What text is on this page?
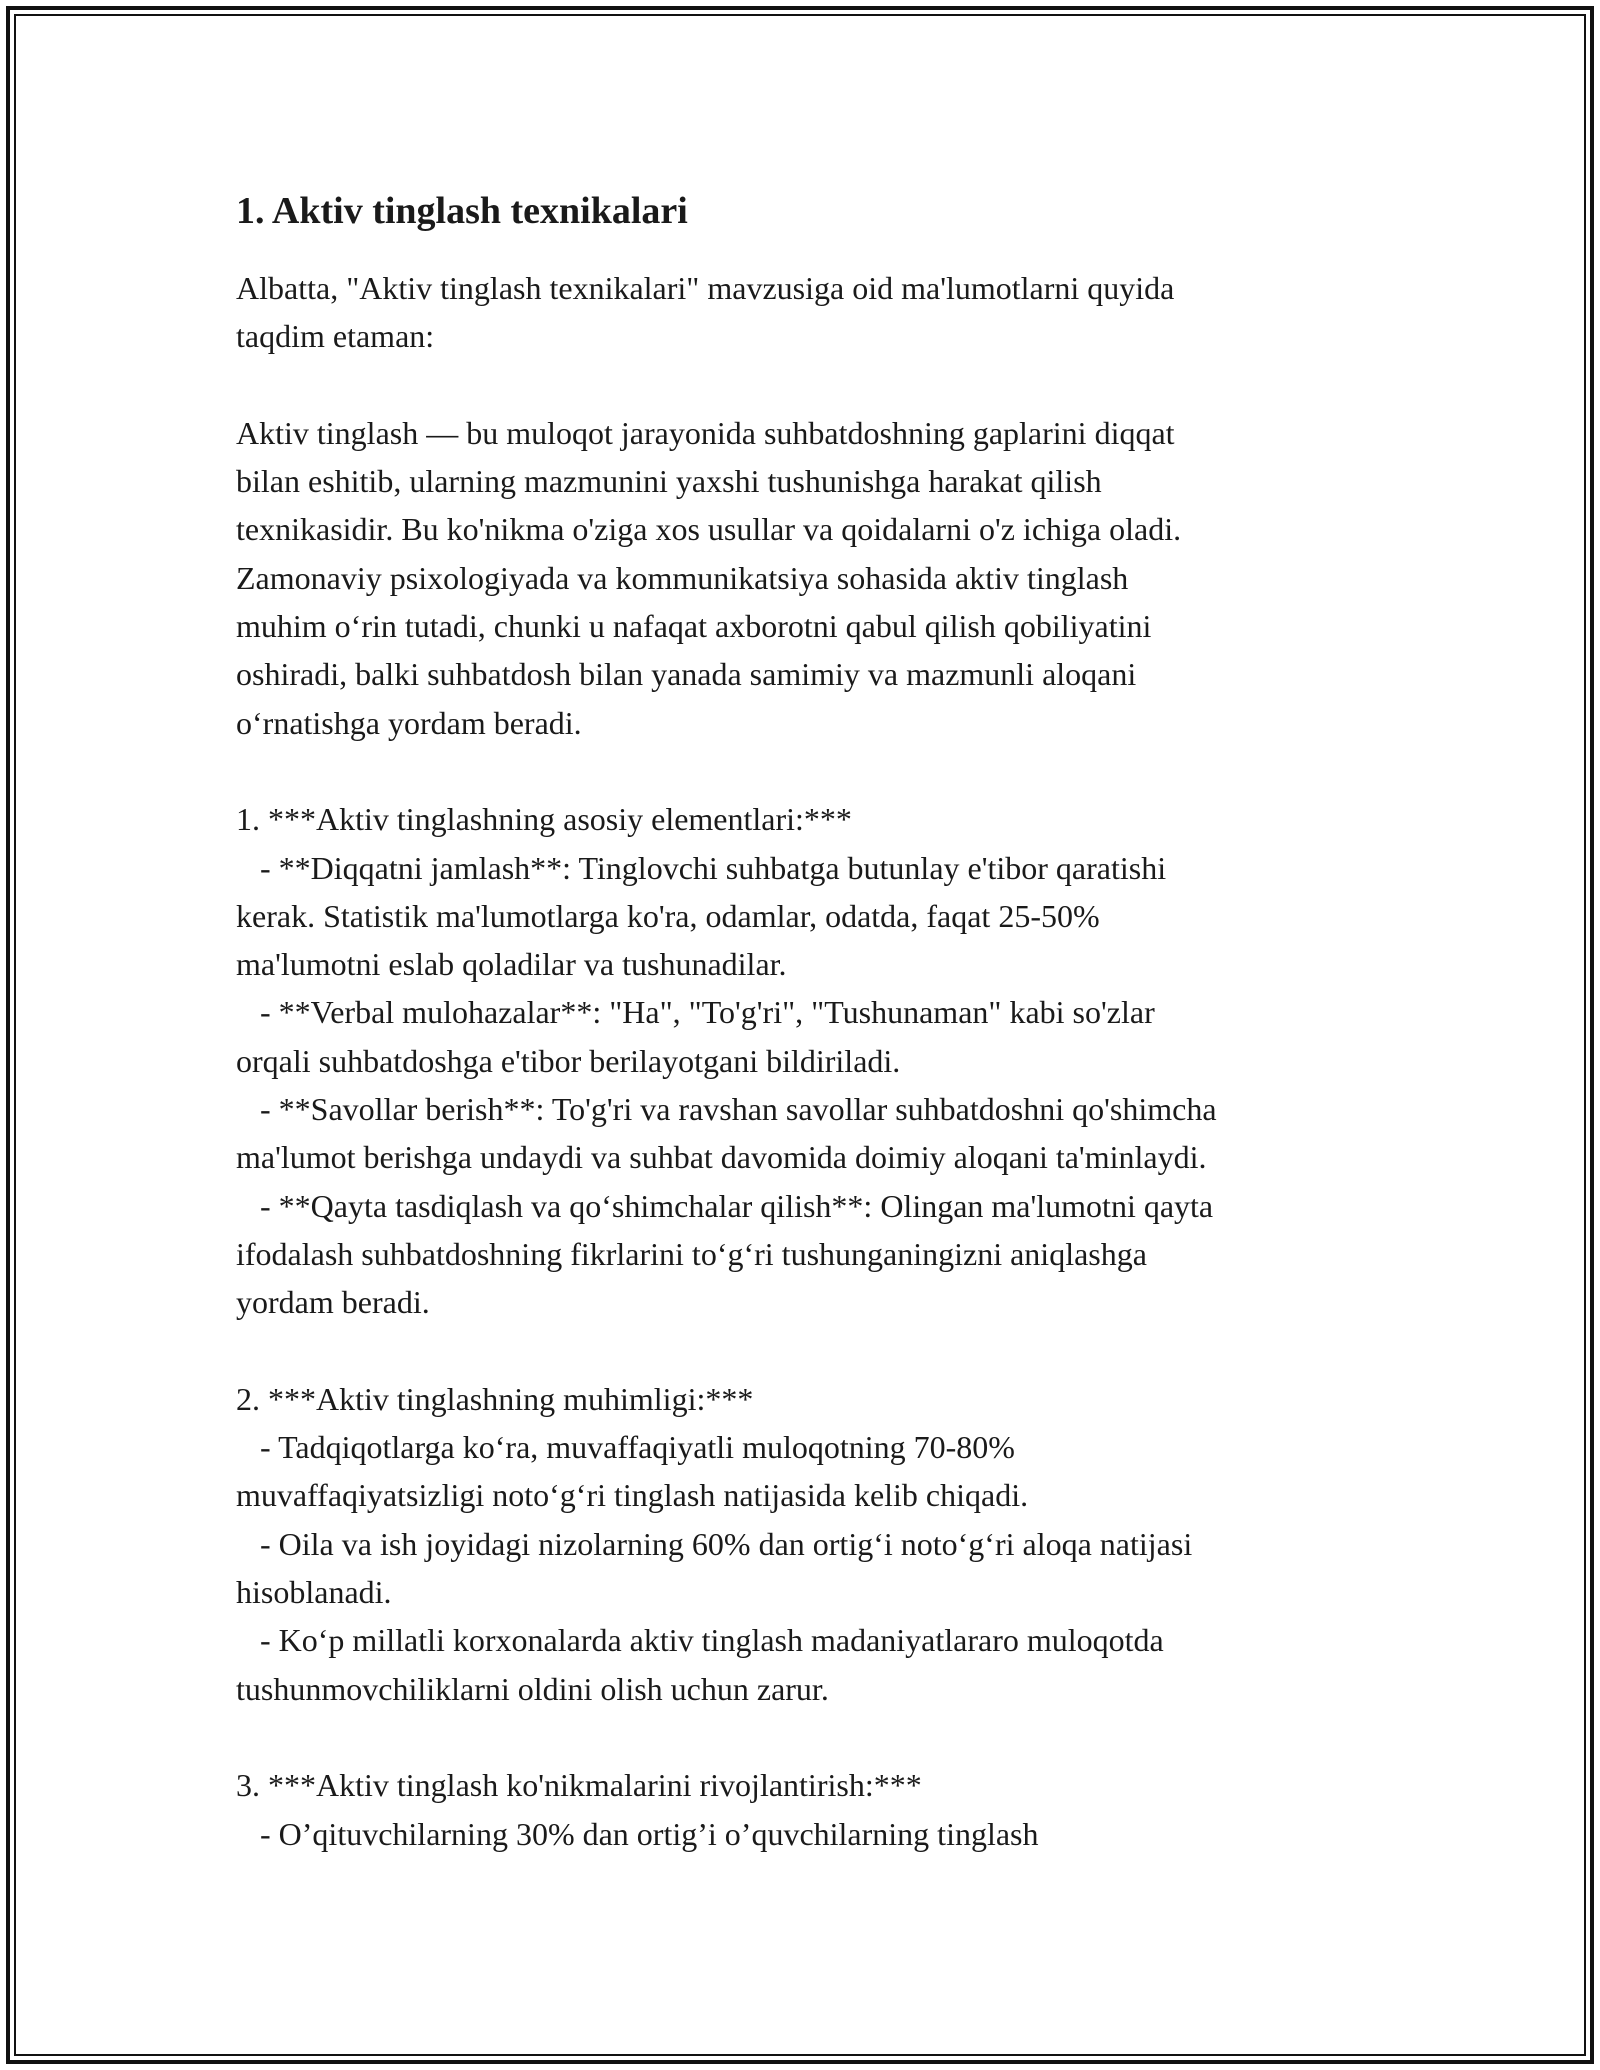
1. Aktiv tinglash texnikalari

Albatta, "Aktiv tinglash texnikalari" mavzusiga oid ma'lumotlarni quyida
taqdim etaman:

Aktiv tinglash — bu muloqot jarayonida suhbatdoshning gaplarini diqqat
bilan eshitib, ularning mazmunini yaxshi tushunishga harakat qilish
texnikasidir. Bu ko'nikma o'ziga xos usullar va qoidalarni o'z ichiga oladi.
Zamonaviy psixologiyada va kommunikatsiya sohasida aktiv tinglash
muhim o‘rin tutadi, chunki u nafaqat axborotni qabul qilish qobiliyatini
oshiradi, balki suhbatdosh bilan yanada samimiy va mazmunli aloqani
o‘rnatishga yordam beradi.

1. ***Aktiv tinglashning asosiy elementlari:***
- **Diqqatni jamlash**: Tinglovchi suhbatga butunlay e'tibor qaratishi
kerak. Statistik ma'lumotlarga ko'ra, odamlar, odatda, faqat 25-50%
ma'lumotni eslab qoladilar va tushunadilar.
- **Verbal mulohazalar**: "Ha", "To'g'ri", "Tushunaman" kabi so'zlar
orqali suhbatdoshga e'tibor berilayotgani bildiriladi.
- **Savollar berish**: To'g'ri va ravshan savollar suhbatdoshni qo'shimcha
ma'lumot berishga undaydi va suhbat davomida doimiy aloqani ta'minlaydi.
- **Qayta tasdiqlash va qo‘shimchalar qilish**: Olingan ma'lumotni qayta
ifodalash suhbatdoshning fikrlarini to‘g‘ri tushunganingizni aniqlashga
yordam beradi.

2. ***Aktiv tinglashning muhimligi:***
- Tadqiqotlarga ko‘ra, muvaffaqiyatli muloqotning 70-80%
muvaffaqiyatsizligi noto‘g‘ri tinglash natijasida kelib chiqadi.
- Oila va ish joyidagi nizolarning 60% dan ortig‘i noto‘g‘ri aloqa natijasi
hisoblanadi.
- Ko‘p millatli korxonalarda aktiv tinglash madaniyatlararo muloqotda
tushunmovchiliklarni oldini olish uchun zarur.

3. ***Aktiv tinglash ko'nikmalarini rivojlantirish:***
- O’qituvchilarning 30% dan ortig’i o’quvchilarning tinglash
